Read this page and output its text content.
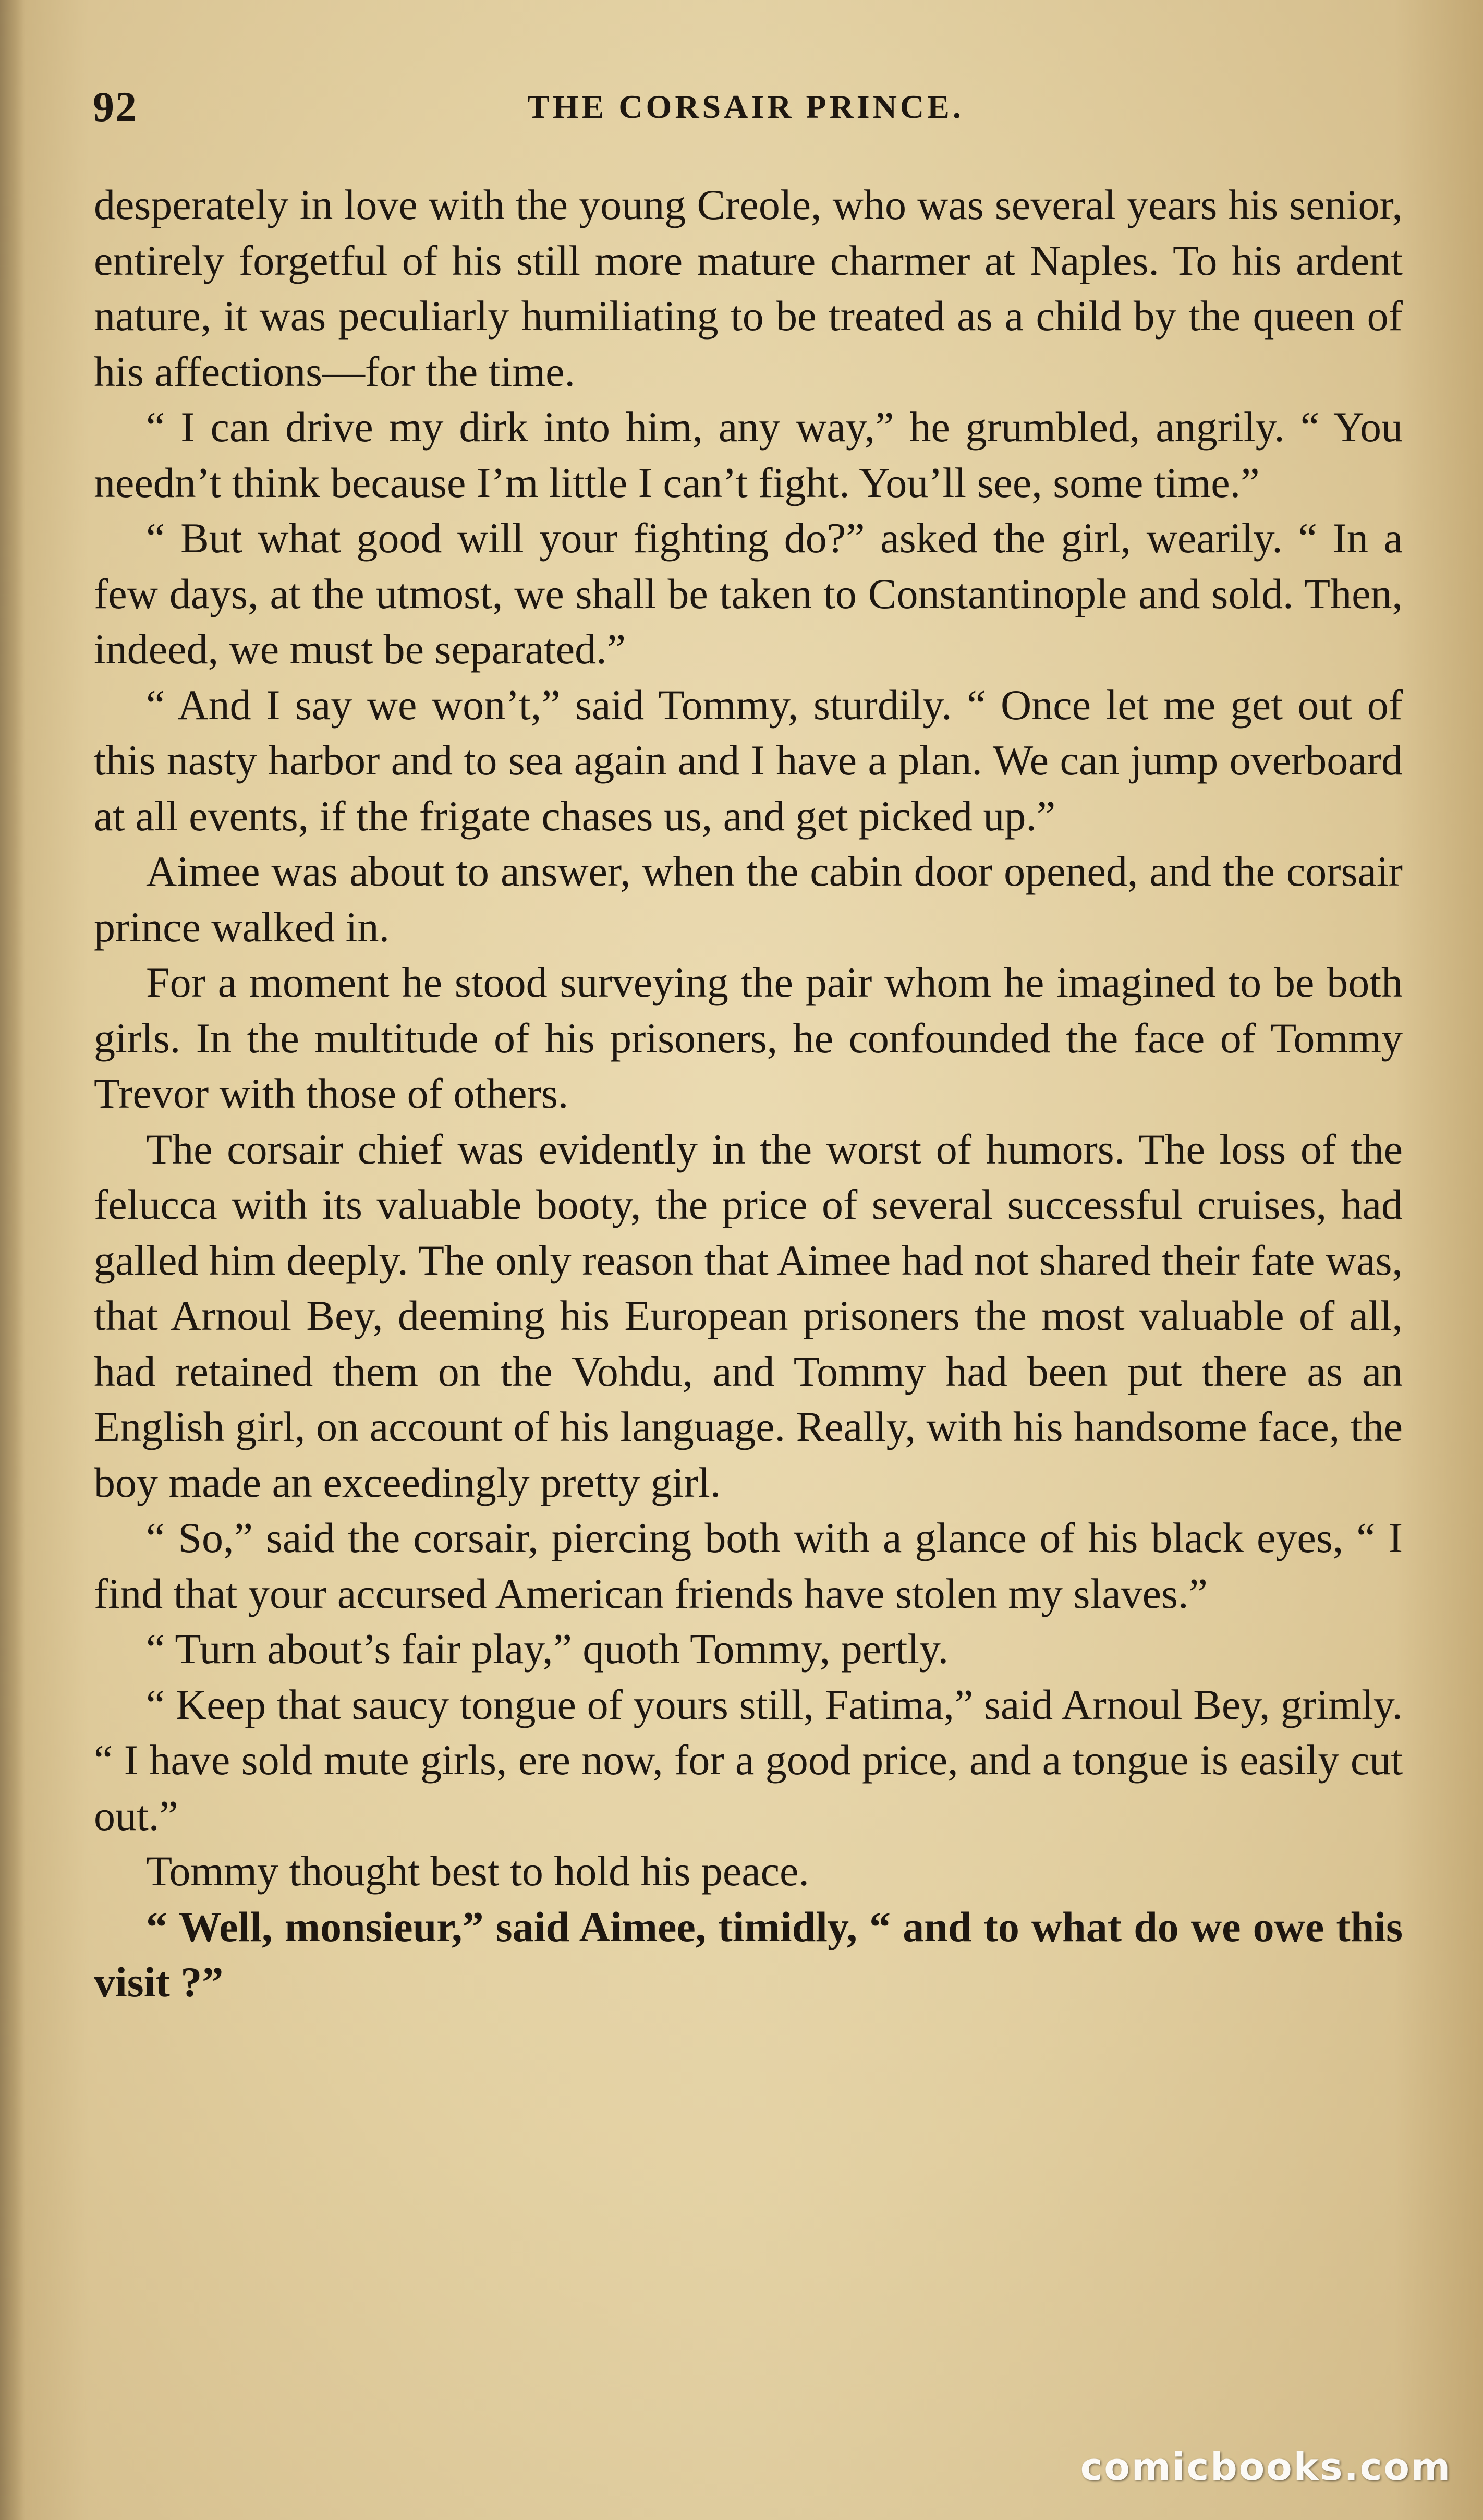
92	THE CORSAIR PRINCE.

desperately in love with the young Creole, who was several years his senior, entirely forgetful of his still more mature charmer at Naples. To his ardent nature, it was peculiarly humiliating to be treated as a child by the queen of his affections—for the time.

“ I can drive my dirk into him, any way,” he grumbled, angrily. “ You needn’t think because I’m little I can’t fight. You’ll see, some time.”

“ But what good will your fighting do?” asked the girl, wearily. “ In a few days, at the utmost, we shall be taken to Constantinople and sold. Then, indeed, we must be separated.”

“ And I say we won’t,” said Tommy, sturdily. “ Once let me get out of this nasty harbor and to sea again and I have a plan. We can jump overboard at all events, if the frigate chases us, and get picked up.”

Aimee was about to answer, when the cabin door opened, and the corsair prince walked in.

For a moment he stood surveying the pair whom he imagined to be both girls. In the multitude of his prisoners, he confounded the face of Tommy Trevor with those of others.

The corsair chief was evidently in the worst of humors. The loss of the felucca with its valuable booty, the price of several successful cruises, had galled him deeply. The only reason that Aimee had not shared their fate was, that Arnoul Bey, deeming his European prisoners the most valuable of all, had retained them on the Vohdu, and Tommy had been put there as an English girl, on account of his language. Really, with his handsome face, the boy made an exceedingly pretty girl.

“ So,” said the corsair, piercing both with a glance of his black eyes, “ I find that your accursed American friends have stolen my slaves.”

“ Turn about’s fair play,” quoth Tommy, pertly.

“ Keep that saucy tongue of yours still, Fatima,” said Arnoul Bey, grimly. “ I have sold mute girls, ere now, for a good price, and a tongue is easily cut out.”

Tommy thought best to hold his peace.

“ Well, monsieur,” said Aimee, timidly, “ and to what do we owe this visit ?”

comicbooks.com
